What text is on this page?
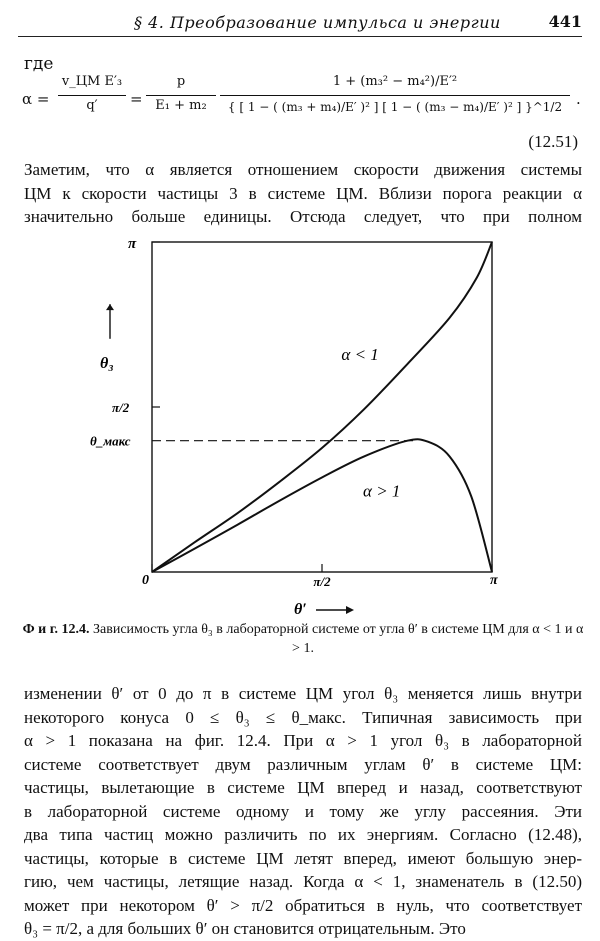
§ 4. Преобразование импульса и энергии	441
где
α =
v_ЦМ E′₃
q′	=
p
E₁ + m₂
1 + (m₃² − m₄²)/E′²
{ [ 1 − ( (m₃ + m₄)/E′ )² ] [ 1 − ( (m₃ − m₄)/E′ )² ] }^1/2 .
(12.51)
Заметим, что α является отношением скорости движения системы
ЦМ к скорости частицы 3 в системе ЦМ. Вблизи порога реакции α
значительно больше единицы. Отсюда следует, что при полном
α < 1
α > 1
0	π/2	π
π
π/2
θ_макс
θ₃
θ′
Ф и г. 12.4. Зависимость угла θ₃ в лабораторной системе от угла θ′ в системе ЦМ для α < 1 и α > 1.
изменении θ′ от 0 до π в системе ЦМ угол θ₃ меняется лишь внутри
некоторого конуса 0 ≤ θ₃ ≤ θ_макс. Типичная зависимость при
α > 1 показана на фиг. 12.4. При α > 1 угол θ₃ в лабораторной
системе соответствует двум различным углам θ′ в системе ЦМ:
частицы, вылетающие в системе ЦМ вперед и назад, соответствуют
в лабораторной системе одному и тому же углу рассеяния. Эти
два типа частиц можно различить по их энергиям. Согласно (12.48),
частицы, которые в системе ЦМ летят вперед, имеют большую энер-
гию, чем частицы, летящие назад. Когда α < 1, знаменатель в (12.50)
может при некотором θ′ > π/2 обратиться в нуль, что соответствует
θ₃ = π/2, а для больших θ′ он становится отрицательным. Это
